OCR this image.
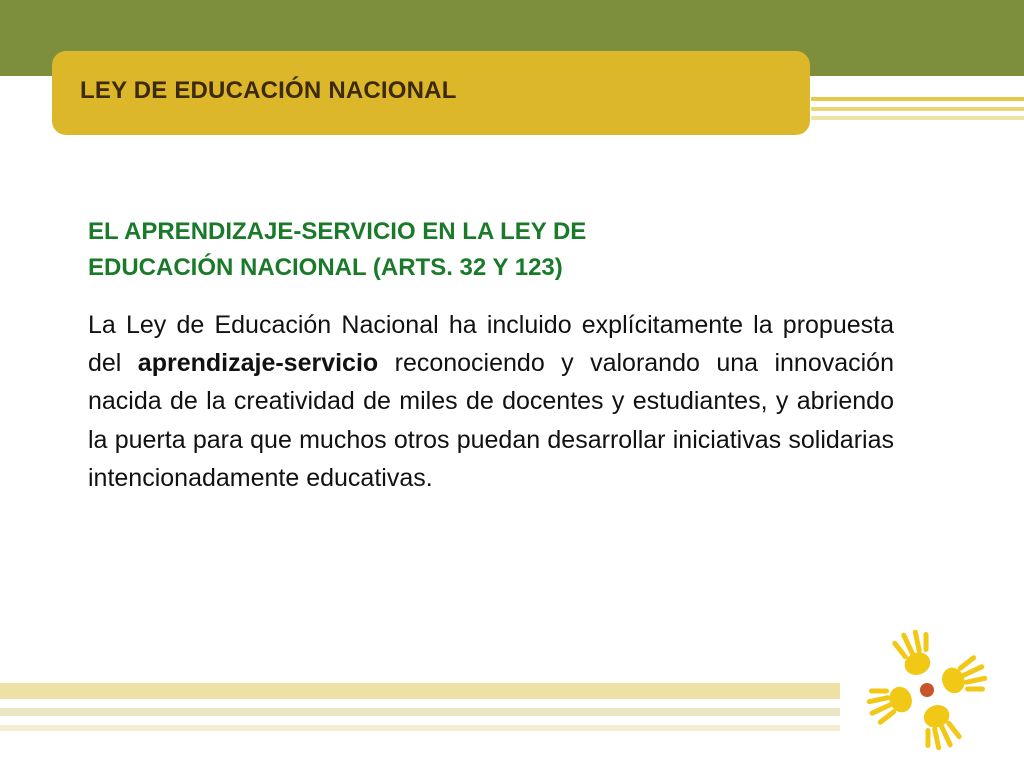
LEY DE EDUCACIÓN NACIONAL
EL APRENDIZAJE-SERVICIO EN LA LEY DE
EDUCACIÓN NACIONAL (ARTS. 32 Y 123)

La Ley de Educación Nacional ha incluido explícitamente la propuesta del aprendizaje-servicio reconociendo y valorando una innovación nacida de la creatividad de miles de docentes y estudiantes, y abriendo la puerta para que muchos otros puedan desarrollar iniciativas solidarias intencionadamente educativas.
